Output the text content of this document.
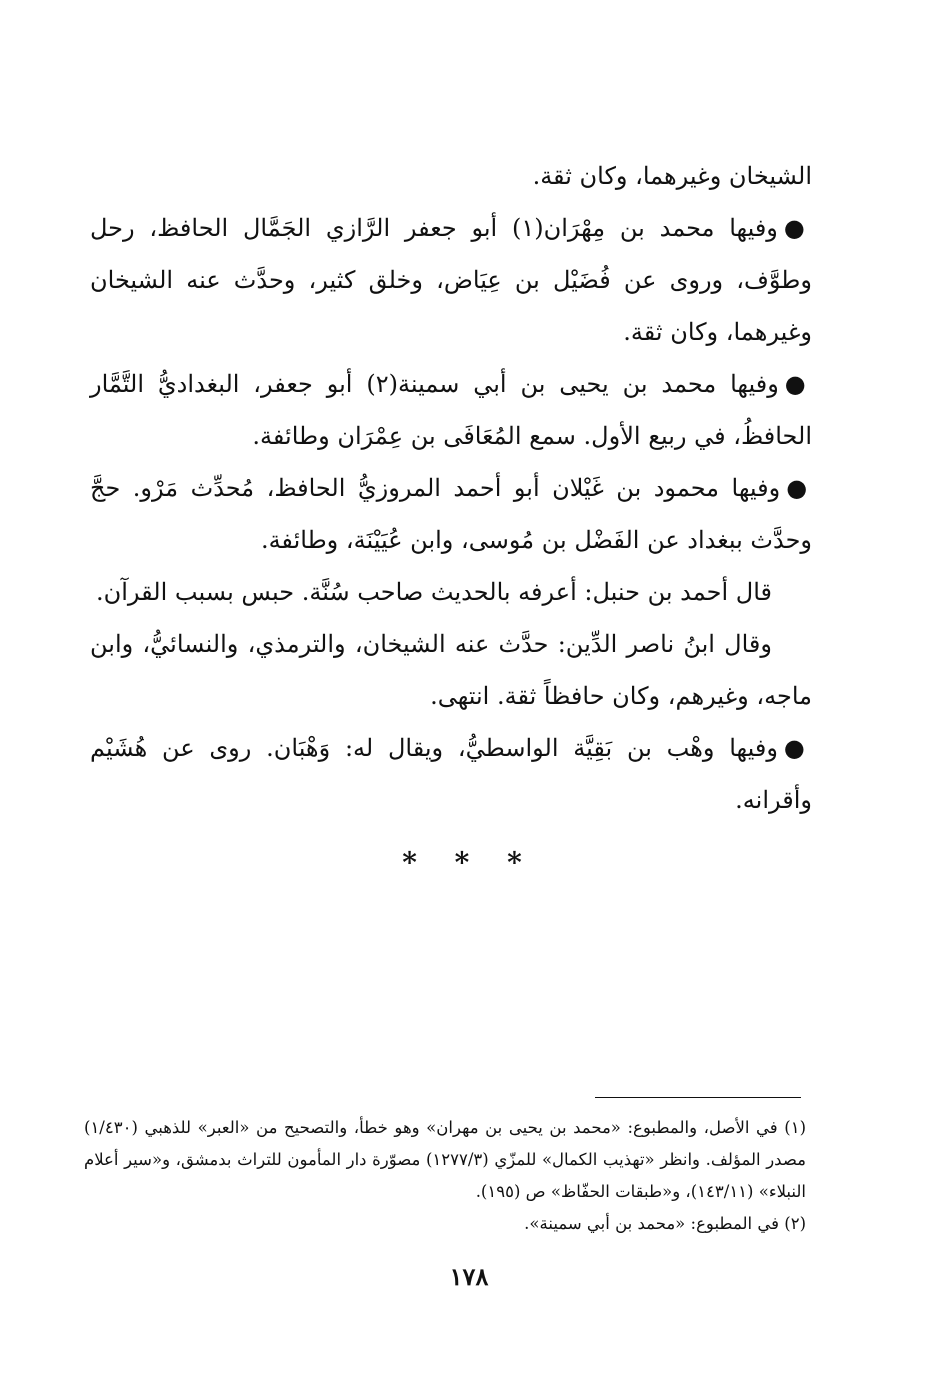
الشيخان وغيرهما، وكان ثقة.

●وفيها محمد بن مِهْرَان(١) أبو جعفر الرَّازي الجَمَّال الحافظ، رحل وطوَّف، وروى عن فُضَيْل بن عِيَاض، وخلق كثير، وحدَّث عنه الشيخان وغيرهما، وكان ثقة.

●وفيها محمد بن يحيى بن أبي سمينة(٢) أبو جعفر، البغداديُّ التَّمَّار الحافظُ، في ربيع الأول. سمع المُعَافَى بن عِمْرَان وطائفة.

●وفيها محمود بن غَيْلان أبو أحمد المروزيُّ الحافظ، مُحدِّث مَرْو. حجَّ وحدَّث ببغداد عن الفَضْل بن مُوسى، وابن عُيَيْنَة، وطائفة.

قال أحمد بن حنبل: أعرفه بالحديث صاحب سُنَّة. حبس بسبب القرآن.

وقال ابنُ ناصر الدِّين: حدَّث عنه الشيخان، والترمذي، والنسائيُّ، وابن ماجه، وغيرهم، وكان حافظاً ثقة. انتهى.

●وفيها وهْب بن بَقِيَّة الواسطيُّ، ويقال له: وَهْبَان. روى عن هُشَيْم وأقرانه.

* * *

(١) في الأصل، والمطبوع: «محمد بن يحيى بن مهران» وهو خطأ، والتصحيح من «العبر» للذهبي (١/٤٣٠) مصدر المؤلف. وانظر «تهذيب الكمال» للمزّي (١٢٧٧/٣) مصوّرة دار المأمون للتراث بدمشق، و«سير أعلام النبلاء» (١٤٣/١١)، و«طبقات الحفّاظ» ص (١٩٥).

(٢) في المطبوع: «محمد بن أبي سمينة».

١٧٨
